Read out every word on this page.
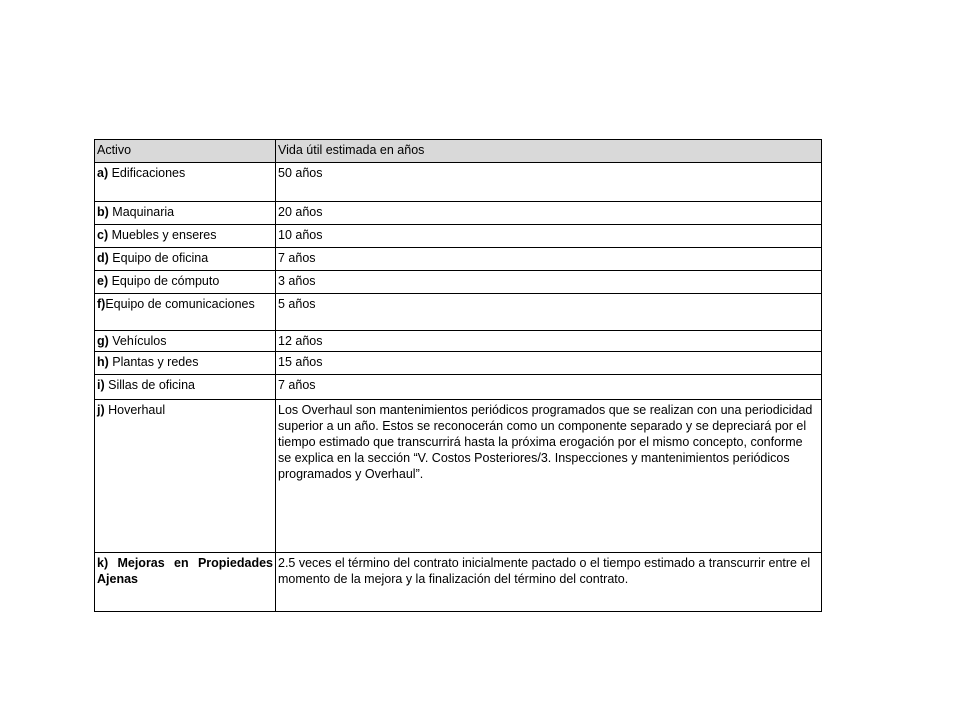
Activo	Vida útil estimada en años
a) Edificaciones	50 años
b) Maquinaria	20 años
c) Muebles y enseres	10 años
d) Equipo de oficina	7 años
e) Equipo de cómputo	3 años
f)Equipo de comunicaciones	5 años
g) Vehículos	12 años
h) Plantas y redes	15 años
i) Sillas de oficina	7 años
j) Hoverhaul	Los Overhaul son mantenimientos periódicos programados que se realizan con una periodicidad superior a un año. Estos se reconocerán como un componente separado y se depreciará por el tiempo estimado que transcurrirá hasta la próxima erogación por el mismo concepto, conforme se explica en la sección “V. Costos Posteriores/3. Inspecciones y mantenimientos periódicos programados y Overhaul”.
k) Mejoras en Propiedades Ajenas	2.5 veces el término del contrato inicialmente pactado o el tiempo estimado a transcurrir entre el momento de la mejora y la finalización del término del contrato.
